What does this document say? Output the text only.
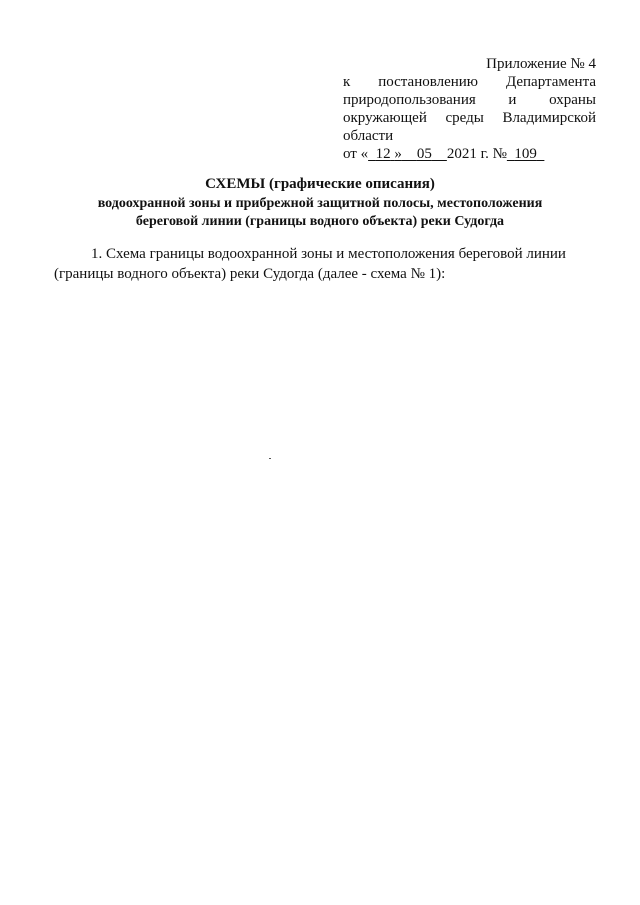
Приложение № 4
к постановлению Департамента
природопользования и охраны
окружающей среды Владимирской
области
от « 12 » 05 2021 г. № 109
СХЕМЫ (графические описания)
водоохранной зоны и прибрежной защитной полосы, местоположения
береговой линии (границы водного объекта) реки Судогда
1. Схема границы водоохранной зоны и местоположения береговой линии
(границы водного объекта) реки Судогда (далее - схема № 1):
